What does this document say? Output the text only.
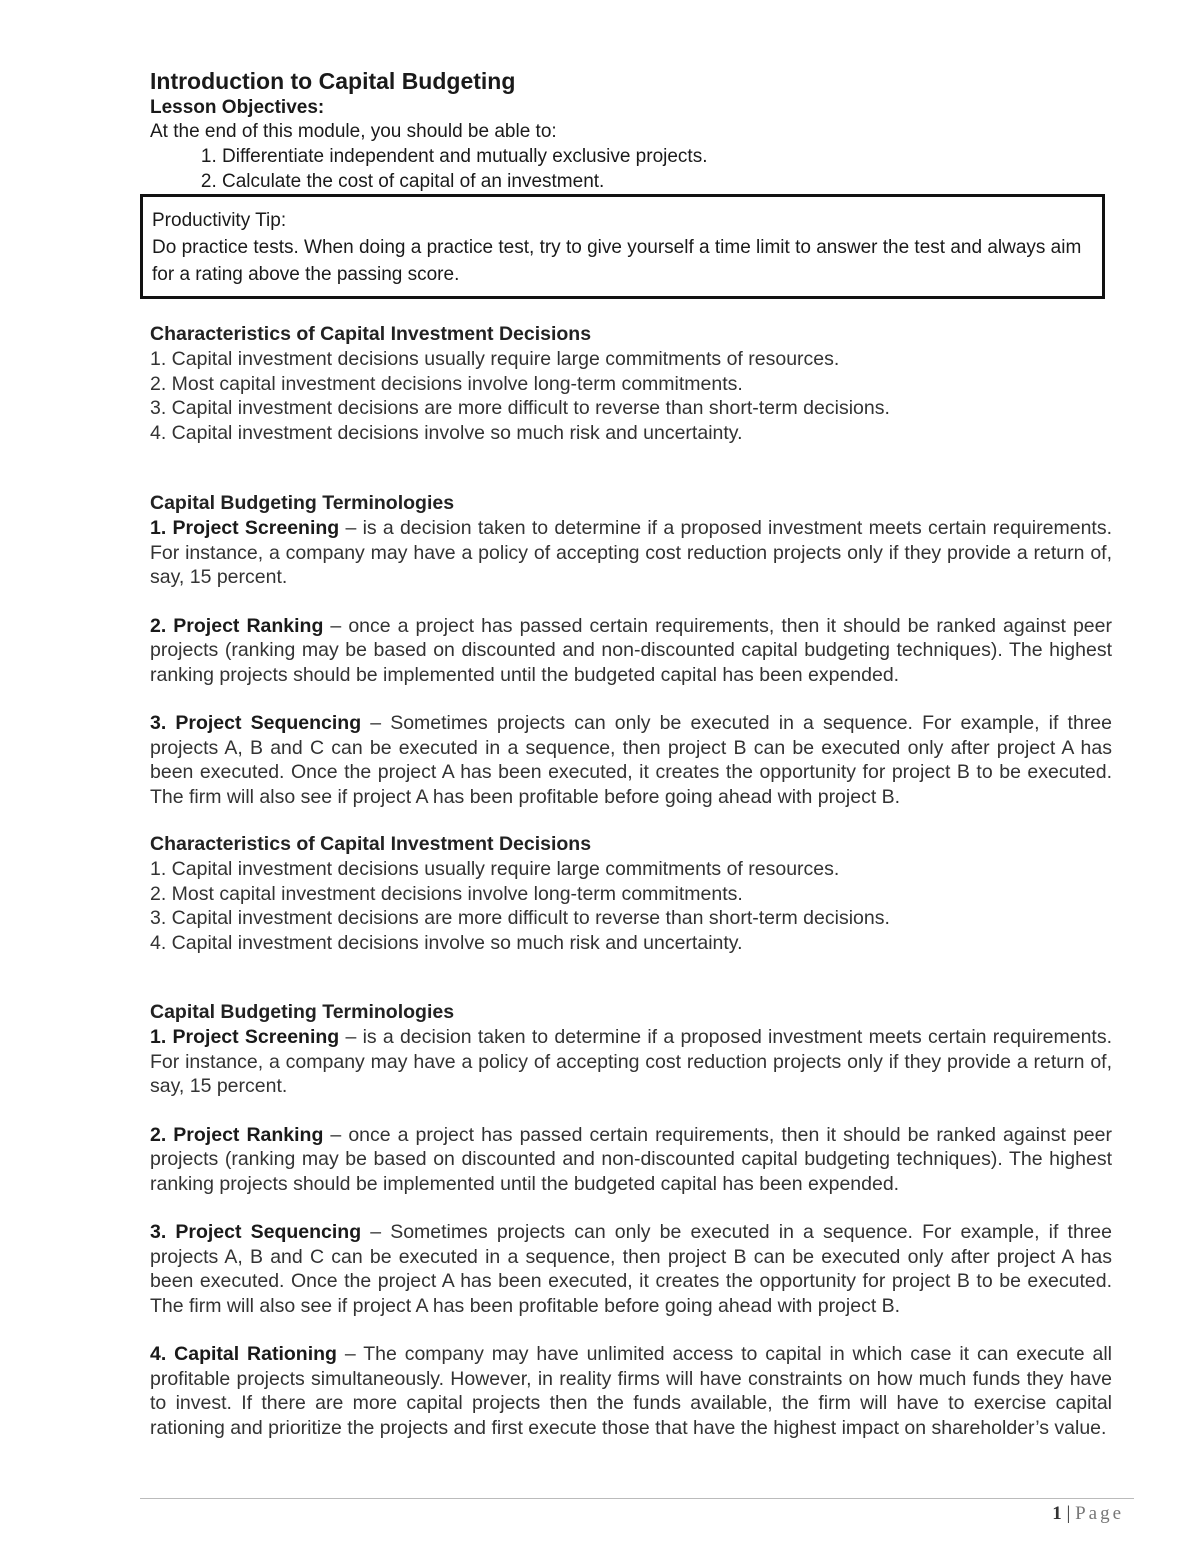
Introduction to Capital Budgeting

Lesson Objectives:

At the end of this module, you should be able to:

1. Differentiate independent and mutually exclusive projects.
2. Calculate the cost of capital of an investment.

Productivity Tip:

Do practice tests. When doing a practice test, try to give yourself a time limit to answer the test and always aim for a rating above the passing score.

Characteristics of Capital Investment Decisions

1. Capital investment decisions usually require large commitments of resources.

2. Most capital investment decisions involve long-term commitments.

3. Capital investment decisions are more difficult to reverse than short-term decisions.

4. Capital investment decisions involve so much risk and uncertainty.

Capital Budgeting Terminologies

1. Project Screening – is a decision taken to determine if a proposed investment meets certain requirements. For instance, a company may have a policy of accepting cost reduction projects only if they provide a return of, say, 15 percent.

2. Project Ranking – once a project has passed certain requirements, then it should be ranked against peer projects (ranking may be based on discounted and non-discounted capital budgeting techniques). The highest ranking projects should be implemented until the budgeted capital has been expended.

3. Project Sequencing – Sometimes projects can only be executed in a sequence. For example, if three projects A, B and C can be executed in a sequence, then project B can be executed only after project A has been executed. Once the project A has been executed, it creates the opportunity for project B to be executed. The firm will also see if project A has been profitable before going ahead with project B.

Characteristics of Capital Investment Decisions

1. Capital investment decisions usually require large commitments of resources.

2. Most capital investment decisions involve long-term commitments.

3. Capital investment decisions are more difficult to reverse than short-term decisions.

4. Capital investment decisions involve so much risk and uncertainty.

Capital Budgeting Terminologies

1. Project Screening – is a decision taken to determine if a proposed investment meets certain requirements. For instance, a company may have a policy of accepting cost reduction projects only if they provide a return of, say, 15 percent.

2. Project Ranking – once a project has passed certain requirements, then it should be ranked against peer projects (ranking may be based on discounted and non-discounted capital budgeting techniques). The highest ranking projects should be implemented until the budgeted capital has been expended.

3. Project Sequencing – Sometimes projects can only be executed in a sequence. For example, if three projects A, B and C can be executed in a sequence, then project B can be executed only after project A has been executed. Once the project A has been executed, it creates the opportunity for project B to be executed. The firm will also see if project A has been profitable before going ahead with project B.

4. Capital Rationing – The company may have unlimited access to capital in which case it can execute all profitable projects simultaneously. However, in reality firms will have constraints on how much funds they have to invest. If there are more capital projects then the funds available, the firm will have to exercise capital rationing and prioritize the projects and first execute those that have the highest impact on shareholder’s value.

1 | Page
